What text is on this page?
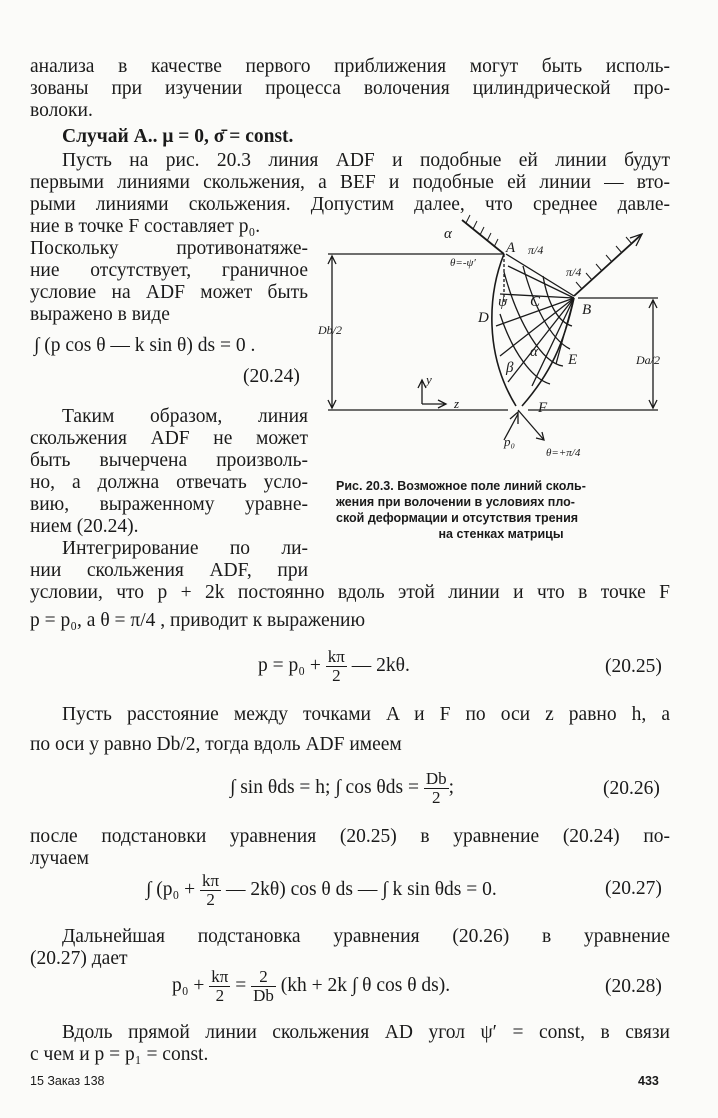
анализа в качестве первого приближения могут быть исполь-
зованы при изучении процесса волочения цилиндрической про-
волоки.
Случай А.. μ = 0, σ̄ = const.
Пусть на рис. 20.3 линия ADF и подобные ей линии будут
первыми линиями скольжения, а BEF и подобные ей линии — вто-
рыми линиями скольжения. Допустим далее, что среднее давле-
ние в точке F составляет p₀.
Поскольку противонатяже-
ние отсутствует, граничное
условие на ADF может быть
выражено в виде
∫ (p cos θ — k sin θ) ds = 0 .
(20.24)
Таким образом, линия
скольжения ADF не может
быть вычерчена произволь-
но, а должна отвечать усло-
вию, выраженному уравне-
нием (20.24).
Интегрирование по ли-
нии скольжения ADF, при
условии, что p + 2k постоянно вдоль этой линии и что в точке F
p = p₀, а θ = π/4 , приводит к выражению
$p = p_0 + \frac{k\pi}{2}$ — 2kθ.	(20.25)
Пусть расстояние между точками A и F по оси z равно h, а
по оси y равно Db/2, тогда вдоль ADF имеем
∫ sin θds = h; ∫ $\cos \theta ds = \frac{Db}{2}$ ;	(20.26)
после подстановки уравнения (20.25) в уравнение (20.24) по-
лучаем
∫ ($p_0 + \frac{k\pi}{2}$ — 2kθ) cos θ ds — ∫ k sin θds = 0.	(20.27)
Дальнейшая подстановка уравнения (20.26) в уравнение
(20.27) дает
$p_0 + \frac{k\pi}{2} = \frac{2}{Db} (kh + 2k$ ∫ θ cos θ ds).	(20.28)
Вдоль прямой линии скольжения AD угол ψ′ = const, в связи
с чем и p = p₁ = const.
15 Заказ 138	433
A
B
C
D
E
F
α
θ=-ψ′
π/4
π/4
ψ
α
β
y
z
p₀
θ=+π/4
Db/2
Da/2
Рис. 20.3. Возможное поле линий сколь-
жения при волочении в условиях пло-
ской деформации и отсутствия трения
на стенках матрицы
